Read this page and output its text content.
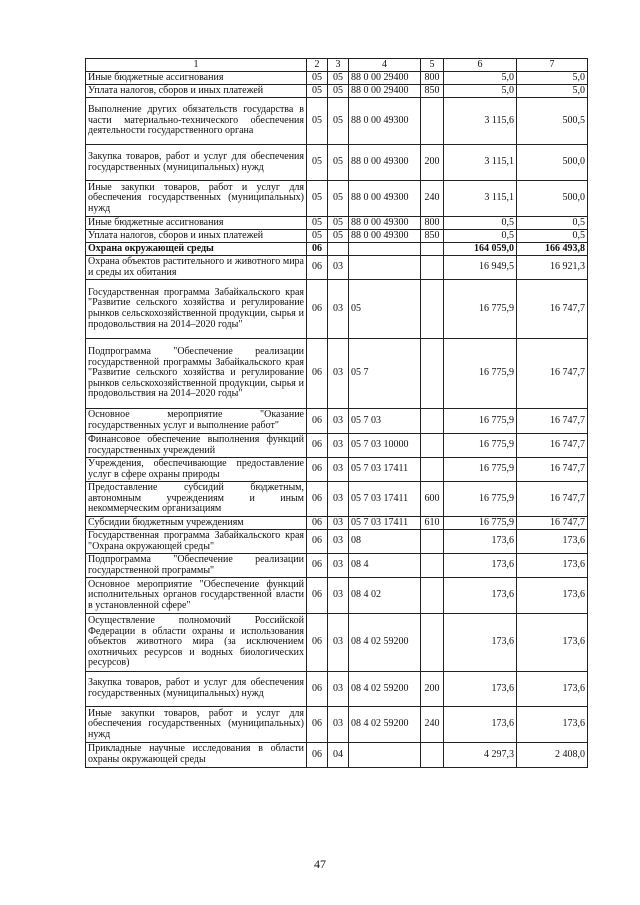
1	2	3	4	5	6	7
Иные бюджетные ассигнования	05	05	88 0 00 29400	800	5,0	5,0
Уплата налогов, сборов и иных платежей	05	05	88 0 00 29400	850	5,0	5,0
Выполнение других обязательств государства в части материально-технического обеспечения деятельности государственного органа	05	05	88 0 00 49300		3 115,6	500,5
Закупка товаров, работ и услуг для обеспечения государственных (муниципальных) нужд	05	05	88 0 00 49300	200	3 115,1	500,0
Иные закупки товаров, работ и услуг для обеспечения государственных (муниципальных) нужд	05	05	88 0 00 49300	240	3 115,1	500,0
Иные бюджетные ассигнования	05	05	88 0 00 49300	800	0,5	0,5
Уплата налогов, сборов и иных платежей	05	05	88 0 00 49300	850	0,5	0,5
Охрана окружающей среды	06				164 059,0	166 493,8
Охрана объектов растительного и животного мира и среды их обитания	06	03			16 949,5	16 921,3
Государственная программа Забайкальского края "Развитие сельского хозяйства и регулирование рынков сельскохозяйственной продукции, сырья и продовольствия на 2014–2020 годы"	06	03	05		16 775,9	16 747,7
Подпрограмма "Обеспечение реализации государственной программы Забайкальского края "Развитие сельского хозяйства и регулирование рынков сельскохозяйственной продукции, сырья и продовольствия на 2014–2020 годы"	06	03	05 7		16 775,9	16 747,7
Основное мероприятие "Оказание государственных услуг и выполнение работ"	06	03	05 7 03		16 775,9	16 747,7
Финансовое обеспечение выполнения функций государственных учреждений	06	03	05 7 03 10000		16 775,9	16 747,7
Учреждения, обеспечивающие предоставление услуг в сфере охраны природы	06	03	05 7 03 17411		16 775,9	16 747,7
Предоставление субсидий бюджетным, автономным учреждениям и иным некоммерческим организациям	06	03	05 7 03 17411	600	16 775,9	16 747,7
Субсидии бюджетным учреждениям	06	03	05 7 03 17411	610	16 775,9	16 747,7
Государственная программа Забайкальского края "Охрана окружающей среды"	06	03	08		173,6	173,6
Подпрограмма "Обеспечение реализации государственной программы"	06	03	08 4		173,6	173,6
Основное мероприятие "Обеспечение функций исполнительных органов государственной власти в установленной сфере"	06	03	08 4 02		173,6	173,6
Осуществление полномочий Российской Федерации в области охраны и использования объектов животного мира (за исключением охотничьих ресурсов и водных биологических ресурсов)	06	03	08 4 02 59200		173,6	173,6
Закупка товаров, работ и услуг для обеспечения государственных (муниципальных) нужд	06	03	08 4 02 59200	200	173,6	173,6
Иные закупки товаров, работ и услуг для обеспечения государственных (муниципальных) нужд	06	03	08 4 02 59200	240	173,6	173,6
Прикладные научные исследования в области охраны окружающей среды	06	04			4 297,3	2 408,0
47
